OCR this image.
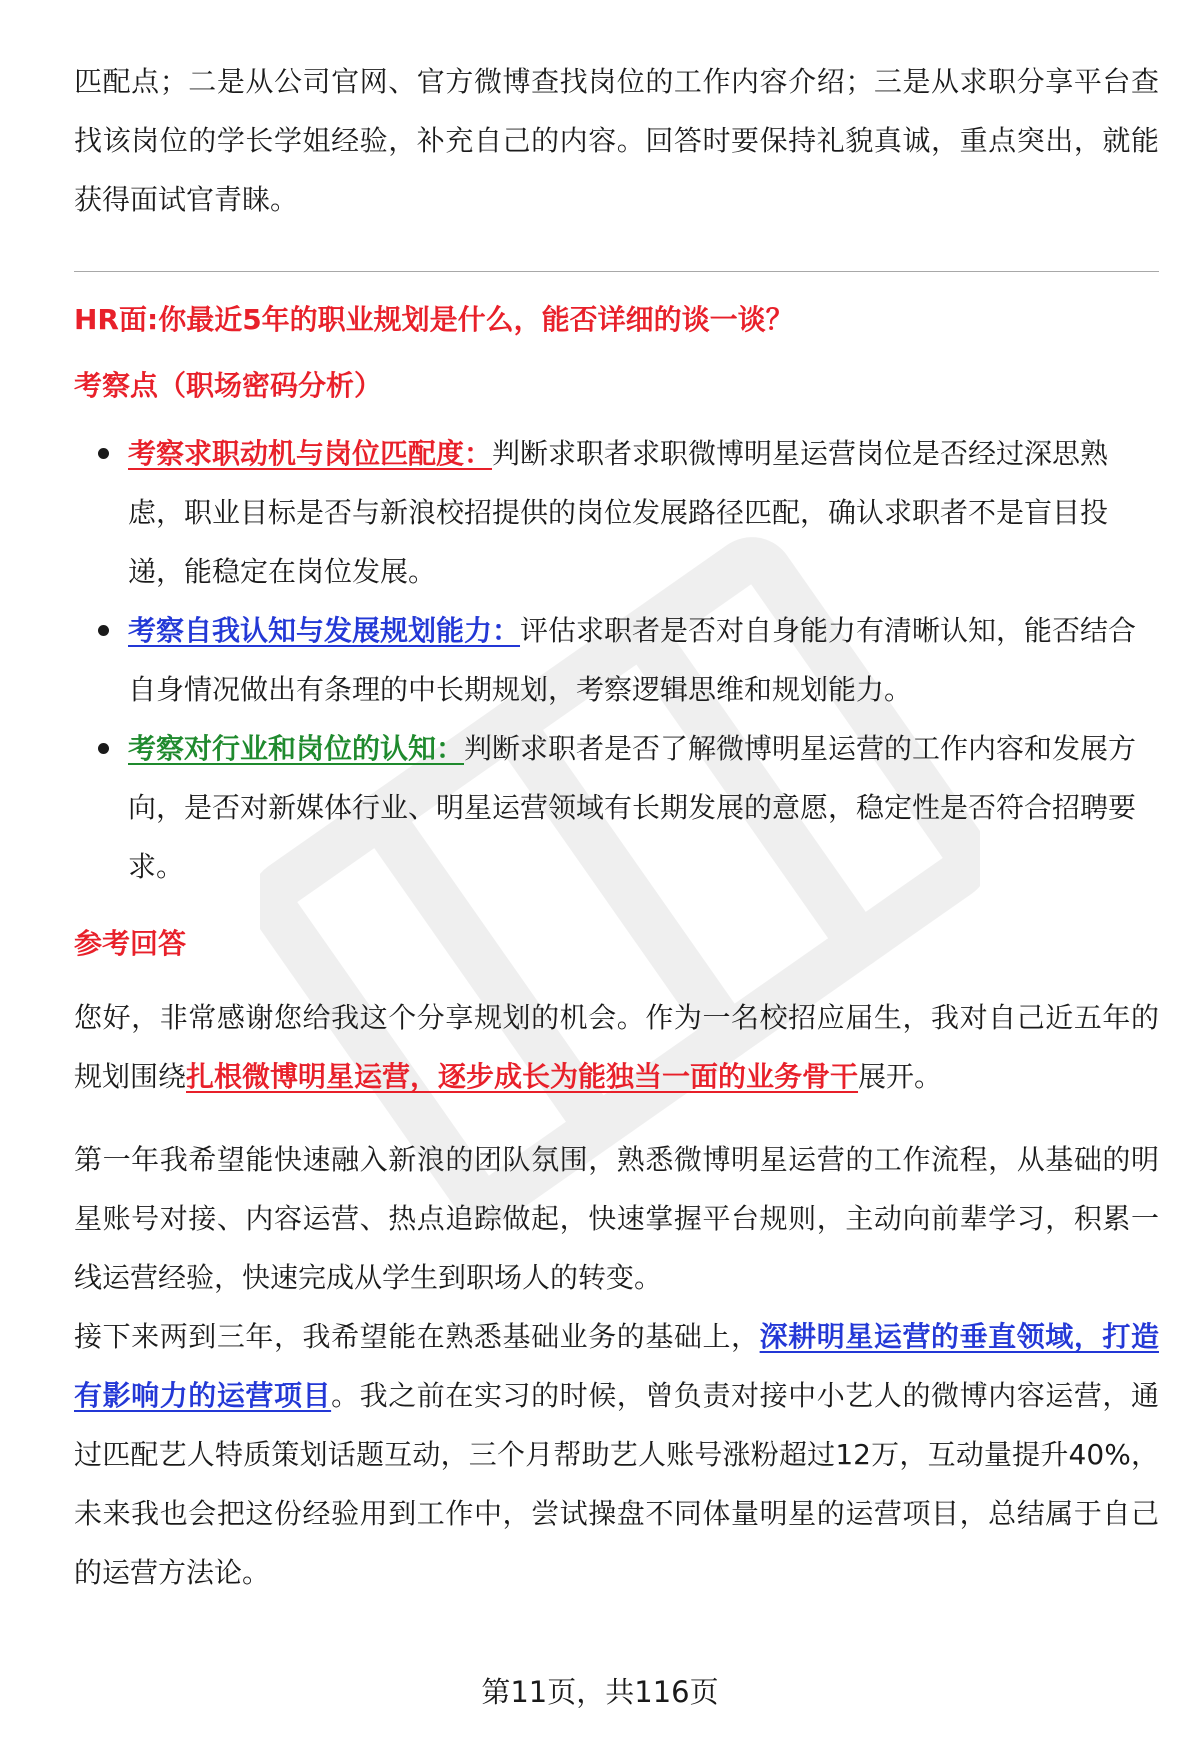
匹配点；二是从公司官网、官方微博查找岗位的工作内容介绍；三是从求职分享平台查找该岗位的学长学姐经验，补充自己的内容。回答时要保持礼貌真诚，重点突出，就能获得面试官青睐。

HR面:你最近5年的职业规划是什么，能否详细的谈一谈？

考察点（职场密码分析）

考察求职动机与岗位匹配度：判断求职者求职微博明星运营岗位是否经过深思熟虑，职业目标是否与新浪校招提供的岗位发展路径匹配，确认求职者不是盲目投递，能稳定在岗位发展。
考察自我认知与发展规划能力：评估求职者是否对自身能力有清晰认知，能否结合自身情况做出有条理的中长期规划，考察逻辑思维和规划能力。
考察对行业和岗位的认知：判断求职者是否了解微博明星运营的工作内容和发展方向，是否对新媒体行业、明星运营领域有长期发展的意愿，稳定性是否符合招聘要求。

参考回答

您好，非常感谢您给我这个分享规划的机会。作为一名校招应届生，我对自己近五年的规划围绕扎根微博明星运营，逐步成长为能独当一面的业务骨干展开。

第一年我希望能快速融入新浪的团队氛围，熟悉微博明星运营的工作流程，从基础的明星账号对接、内容运营、热点追踪做起，快速掌握平台规则，主动向前辈学习，积累一线运营经验，快速完成从学生到职场人的转变。

接下来两到三年，我希望能在熟悉基础业务的基础上，深耕明星运营的垂直领域，打造有影响力的运营项目。我之前在实习的时候，曾负责对接中小艺人的微博内容运营，通过匹配艺人特质策划话题互动，三个月帮助艺人账号涨粉超过12万，互动量提升40%，未来我也会把这份经验用到工作中，尝试操盘不同体量明星的运营项目，总结属于自己的运营方法论。

第11页，共116页
